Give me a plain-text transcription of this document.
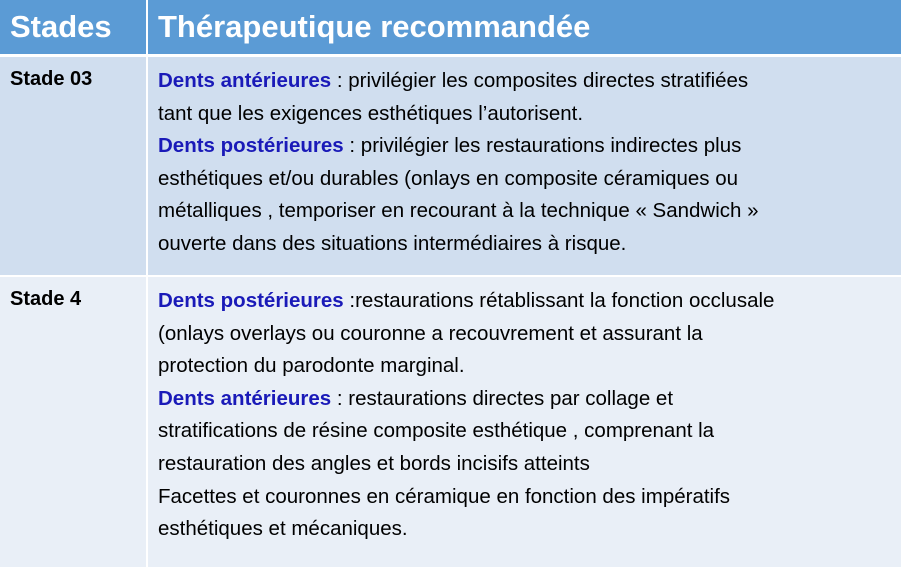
Stades Thérapeutique recommandée
Stade 03	Dents antérieures : privilégier les composites directes stratifiées
tant que les exigences esthétiques l’autorisent.
Dents postérieures : privilégier les restaurations indirectes plus
esthétiques et/ou durables (onlays en composite céramiques ou
métalliques , temporiser en recourant à la technique « Sandwich »
ouverte dans des situations intermédiaires à risque.
Stade 4	Dents postérieures :restaurations rétablissant la fonction occlusale
(onlays overlays ou couronne a recouvrement et assurant la
protection du parodonte marginal.
Dents antérieures : restaurations directes par collage et
stratifications de résine composite esthétique , comprenant la
restauration des angles et bords incisifs atteints
Facettes et couronnes en céramique en fonction des impératifs
esthétiques et mécaniques.
